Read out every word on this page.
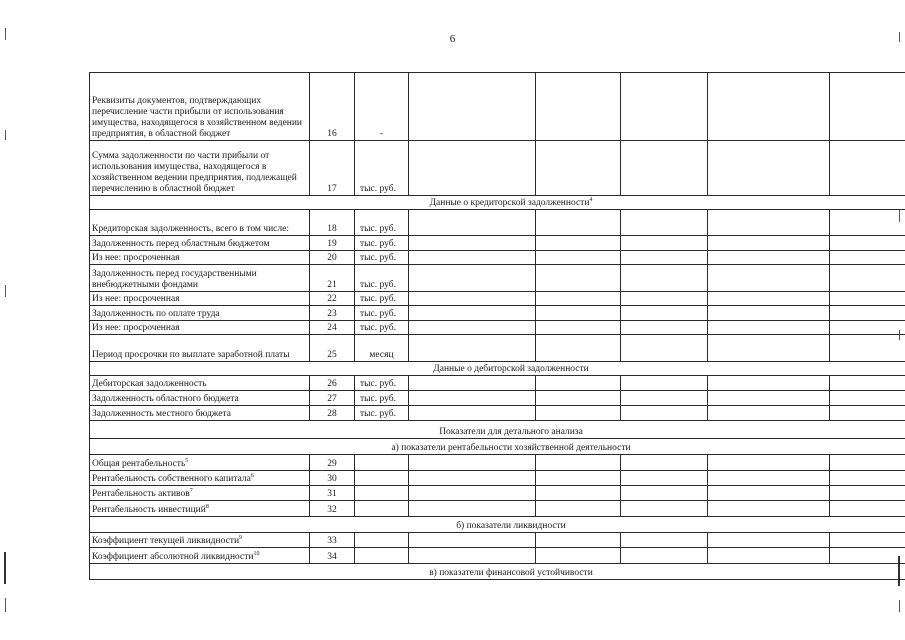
6
Реквизиты документов, подтверждающих перечисление части прибыли от использования имущества, находящегося в хозяйственном ведении предприятия, в областной бюджет	16	-					
Сумма задолженности по части прибыли от использования имущества, находящегося в хозяйственном ведении предприятия, подлежащей перечислению в областной бюджет	17	тыс. руб.					
Данные о кредиторской задолженности$^4$
Кредиторская задолженность, всего в том числе:	18	тыс. руб.					
Задолженность перед областным бюджетом	19	тыс. руб.					
Из нее: просроченная	20	тыс. руб.					
Задолженность перед государственными внебюджетными фондами	21	тыс. руб.					
Из нее: просроченная	22	тыс. руб.					
Задолженность по оплате труда	23	тыс. руб.					
Из нее: просроченная	24	тыс. руб.					
Период просрочки по выплате заработной платы	25	месяц					
Данные о дебиторской задолженности							
Дебиторская задолженность	26	тыс. руб.					
Задолженность областного бюджета	27	тыс. руб.					
Задолженность местного бюджета	28	тыс. руб.					
Показатели для детального анализа							
а) показатели рентабельности хозяйственной деятельности							
Общая рентабельность$^5$	29						
Рентабельность собственного капитала$^6$	30						
Рентабельность активов$^7$	31						
Рентабельность инвестиций$^8$	32						
б) показатели ликвидности							
Коэффициент текущей ликвидности$^9$	33						
Коэффициент абсолютной ликвидности$^{10}$	34						
в) показатели финансовой устойчивости							
